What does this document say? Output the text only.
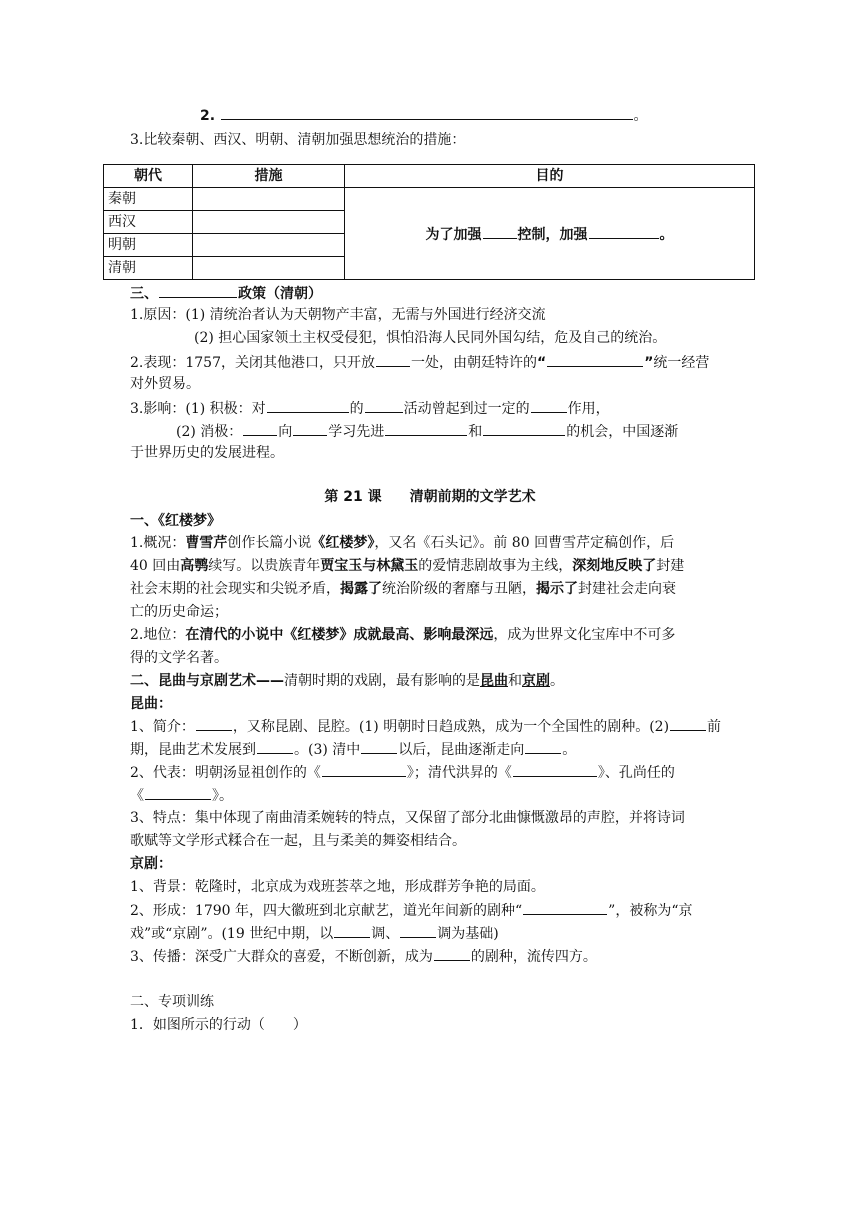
2.	。
3.比较秦朝、西汉、明朝、清朝加强思想统治的措施：
朝代	措施	目的
秦朝		为了加强 控制，加强 。
西汉		
明朝		
清朝		
三、	政策（清朝）
1.原因：(1) 清统治者认为天朝物产丰富，无需与外国进行经济交流
(2) 担心国家领土主权受侵犯，惧怕沿海人民同外国勾结，危及自己的统治。
2.表现：1757，关闭其他港口，只开放	一处，由朝廷特许的“	”统一经营
对外贸易。
3.影响：(1) 积极：对	的	活动曾起到过一定的	作用，
(2) 消极：	向	学习先进	和	的机会，中国逐渐
于世界历史的发展进程。
第 21 课　　清朝前期的文学艺术
一、《红楼梦》
1.概况：曹雪芹创作长篇小说《红楼梦》，又名《石头记》。前 80 回曹雪芹定稿创作，后
40 回由高鹗续写。以贵族青年贾宝玉与林黛玉的爱情悲剧故事为主线，深刻地反映了封建
社会末期的社会现实和尖锐矛盾，揭露了统治阶级的奢靡与丑陋，揭示了封建社会走向衰
亡的历史命运；
2.地位：在清代的小说中《红楼梦》成就最高、影响最深远，成为世界文化宝库中不可多
得的文学名著。
二、昆曲与京剧艺术——清朝时期的戏剧，最有影响的是昆曲和京剧。
昆曲：
1、简介：	，又称昆剧、昆腔。(1) 明朝时日趋成熟，成为一个全国性的剧种。(2)	前
期，昆曲艺术发展到	。(3) 清中	以后，昆曲逐渐走向	。
2、代表：明朝汤显祖创作的《	》；清代洪昇的《	》、孔尚任的
《	》。
3、特点：集中体现了南曲清柔婉转的特点，又保留了部分北曲慷慨激昂的声腔，并将诗词
歌赋等文学形式糅合在一起，且与柔美的舞姿相结合。
京剧：
1、背景：乾隆时，北京成为戏班荟萃之地，形成群芳争艳的局面。
2、形成：1790 年，四大徽班到北京献艺，道光年间新的剧种“	”，被称为“京
戏”或“京剧”。(19 世纪中期，以	调、	调为基础)
3、传播：深受广大群众的喜爱，不断创新，成为	的剧种，流传四方。
二、专项训练
1．如图所示的行动（　　）
